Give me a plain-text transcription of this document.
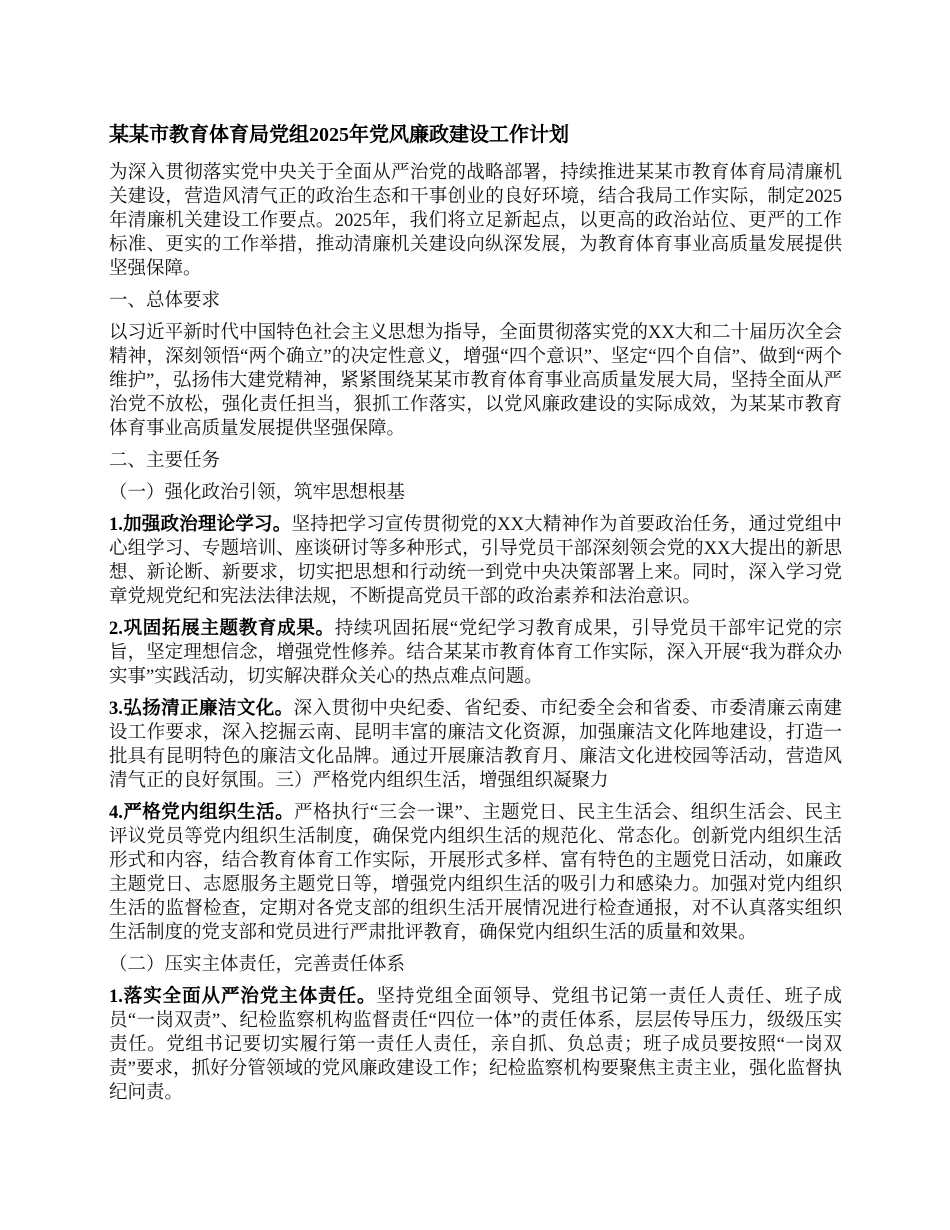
某某市教育体育局党组2025年党风廉政建设工作计划

为深入贯彻落实党中央关于全面从严治党的战略部署，持续推进某某市教育体育局清廉机关建设，营造风清气正的政治生态和干事创业的良好环境，结合我局工作实际，制定2025年清廉机关建设工作要点。2025年，我们将立足新起点，以更高的政治站位、更严的工作标准、更实的工作举措，推动清廉机关建设向纵深发展，为教育体育事业高质量发展提供坚强保障。

一、总体要求

以习近平新时代中国特色社会主义思想为指导，全面贯彻落实党的XX大和二十届历次全会精神，深刻领悟“两个确立”的决定性意义，增强“四个意识”、坚定“四个自信”、做到“两个维护”，弘扬伟大建党精神，紧紧围绕某某市教育体育事业高质量发展大局，坚持全面从严治党不放松，强化责任担当，狠抓工作落实，以党风廉政建设的实际成效，为某某市教育体育事业高质量发展提供坚强保障。

二、主要任务

（一）强化政治引领，筑牢思想根基

1.加强政治理论学习。坚持把学习宣传贯彻党的XX大精神作为首要政治任务，通过党组中心组学习、专题培训、座谈研讨等多种形式，引导党员干部深刻领会党的XX大提出的新思想、新论断、新要求，切实把思想和行动统一到党中央决策部署上来。同时，深入学习党章党规党纪和宪法法律法规，不断提高党员干部的政治素养和法治意识。

2.巩固拓展主题教育成果。持续巩固拓展“党纪学习教育成果，引导党员干部牢记党的宗旨，坚定理想信念，增强党性修养。结合某某市教育体育工作实际，深入开展“我为群众办实事”实践活动，切实解决群众关心的热点难点问题。

3.弘扬清正廉洁文化。深入贯彻中央纪委、省纪委、市纪委全会和省委、市委清廉云南建设工作要求，深入挖掘云南、昆明丰富的廉洁文化资源，加强廉洁文化阵地建设，打造一批具有昆明特色的廉洁文化品牌。通过开展廉洁教育月、廉洁文化进校园等活动，营造风清气正的良好氛围。三）严格党内组织生活，增强组织凝聚力

4.严格党内组织生活。严格执行“三会一课”、主题党日、民主生活会、组织生活会、民主评议党员等党内组织生活制度，确保党内组织生活的规范化、常态化。创新党内组织生活形式和内容，结合教育体育工作实际，开展形式多样、富有特色的主题党日活动，如廉政主题党日、志愿服务主题党日等，增强党内组织生活的吸引力和感染力。加强对党内组织生活的监督检查，定期对各党支部的组织生活开展情况进行检查通报，对不认真落实组织生活制度的党支部和党员进行严肃批评教育，确保党内组织生活的质量和效果。

（二）压实主体责任，完善责任体系

1.落实全面从严治党主体责任。坚持党组全面领导、党组书记第一责任人责任、班子成员“一岗双责”、纪检监察机构监督责任“四位一体”的责任体系，层层传导压力，级级压实责任。党组书记要切实履行第一责任人责任，亲自抓、负总责；班子成员要按照“一岗双责”要求，抓好分管领域的党风廉政建设工作；纪检监察机构要聚焦主责主业，强化监督执纪问责。
